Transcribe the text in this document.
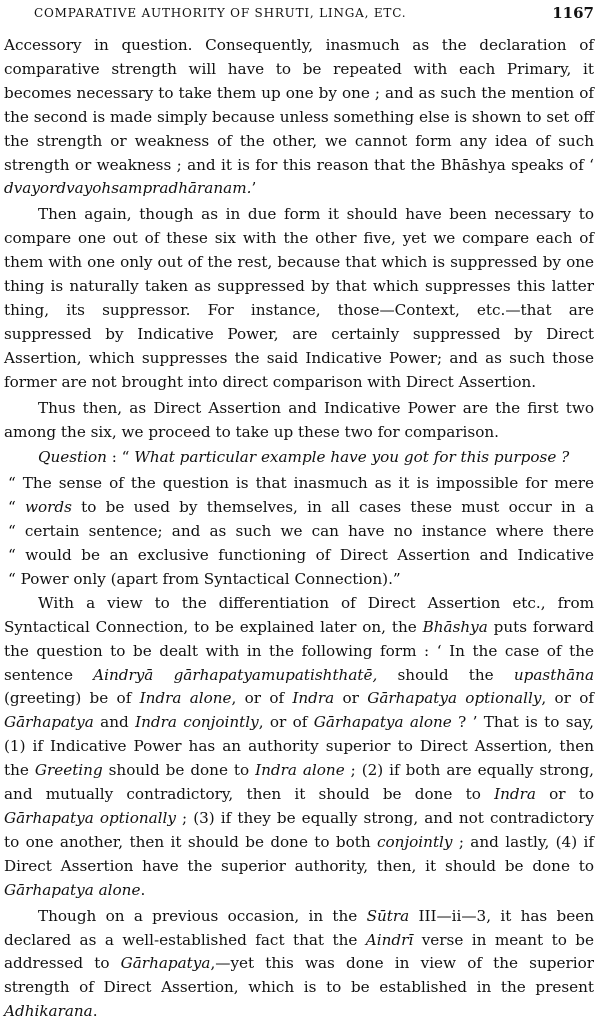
COMPARATIVE AUTHORITY OF SHRUTI, LINGA, ETC.	1167

Accessory in question. Consequently, inasmuch as the declaration of comparative strength will have to be repeated with each Primary, it becomes necessary to take them up one by one ; and as such the mention of the second is made simply because unless something else is shown to set off the strength or weakness of the other, we cannot form any idea of such strength or weakness ; and it is for this reason that the Bhāshya speaks of ‘ dvayordvayohsampradhāranam.’

Then again, though as in due form it should have been necessary to compare one out of these six with the other five, yet we compare each of them with one only out of the rest, because that which is suppressed by one thing is naturally taken as suppressed by that which suppresses this latter thing, its suppressor. For instance, those—Context, etc.—that are suppressed by Indicative Power, are certainly suppressed by Direct Assertion, which suppresses the said Indicative Power; and as such those former are not brought into direct comparison with Direct Assertion.

Thus then, as Direct Assertion and Indicative Power are the first two among the six, we proceed to take up these two for comparison.

Question : “ What particular example have you got for this purpose ?

“ The sense of the question is that inasmuch as it is impossible for mere

“ words to be used by themselves, in all cases these must occur in a

“ certain sentence; and as such we can have no instance where there

“ would be an exclusive functioning of Direct Assertion and Indicative

“ Power only (apart from Syntactical Connection).”

With a view to the differentiation of Direct Assertion etc., from Syntactical Connection, to be explained later on, the Bhāshya puts forward the question to be dealt with in the following form : ‘ In the case of the sentence Aindryā gārhapatyamupatishthatē, should the upasthāna (greeting) be of Indra alone, or of Indra or Gārhapatya optionally, or of Gārhapatya and Indra conjointly, or of Gārhapatya alone ? ’ That is to say, (1) if Indicative Power has an authority superior to Direct Assertion, then the Greeting should be done to Indra alone ; (2) if both are equally strong, and mutually contradictory, then it should be done to Indra or to Gārhapatya optionally ; (3) if they be equally strong, and not contradictory to one another, then it should be done to both conjointly ; and lastly, (4) if Direct Assertion have the superior authority, then, it should be done to Gārhapatya alone.

Though on a previous occasion, in the Sūtra III—ii—3, it has been declared as a well-established fact that the Aindrī verse in meant to be addressed to Gārhapatya,—yet this was done in view of the superior strength of Direct Assertion, which is to be established in the present Adhikarana.
